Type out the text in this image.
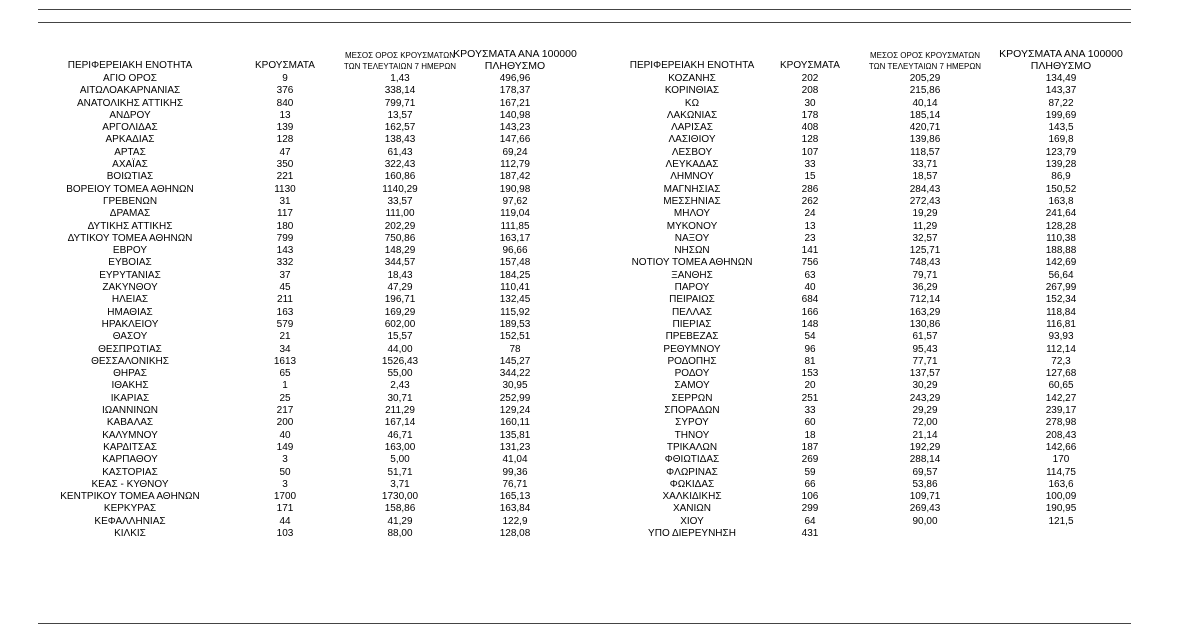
ΠΕΡΙΦΕΡΕΙΑΚΗ ΕΝΟΤΗΤΑ	ΚΡΟΥΣΜΑΤΑ
ΜΕΣΟΣ ΟΡΟΣ ΚΡΟΥΣΜΑΤΩΝ
ΤΩΝ ΤΕΛΕΥΤΑΙΩΝ 7 ΗΜΕΡΩΝ
ΚΡΟΥΣΜΑΤΑ ΑΝΑ 100000
ΠΛΗΘΥΣΜΟ
ΑΓΙΟ ΟΡΟΣ	9	1,43	496,96
ΑΙΤΩΛΟΑΚΑΡΝΑΝΙΑΣ	376	338,14	178,37
ΑΝΑΤΟΛΙΚΗΣ ΑΤΤΙΚΗΣ	840	799,71	167,21
ΑΝΔΡΟΥ	13	13,57	140,98
ΑΡΓΟΛΙΔΑΣ	139	162,57	143,23
ΑΡΚΑΔΙΑΣ	128	138,43	147,66
ΑΡΤΑΣ	47	61,43	69,24
ΑΧΑΪΑΣ	350	322,43	112,79
ΒΟΙΩΤΙΑΣ	221	160,86	187,42
ΒΟΡΕΙΟΥ ΤΟΜΕΑ ΑΘΗΝΩΝ	1130	1140,29	190,98
ΓΡΕΒΕΝΩΝ	31	33,57	97,62
ΔΡΑΜΑΣ	117	111,00	119,04
ΔΥΤΙΚΗΣ ΑΤΤΙΚΗΣ	180	202,29	111,85
ΔΥΤΙΚΟΥ ΤΟΜΕΑ ΑΘΗΝΩΝ	799	750,86	163,17
ΕΒΡΟΥ	143	148,29	96,66
ΕΥΒΟΙΑΣ	332	344,57	157,48
ΕΥΡΥΤΑΝΙΑΣ	37	18,43	184,25
ΖΑΚΥΝΘΟΥ	45	47,29	110,41
ΗΛΕΙΑΣ	211	196,71	132,45
ΗΜΑΘΙΑΣ	163	169,29	115,92
ΗΡΑΚΛΕΙΟΥ	579	602,00	189,53
ΘΑΣΟΥ	21	15,57	152,51
ΘΕΣΠΡΩΤΙΑΣ	34	44,00	78
ΘΕΣΣΑΛΟΝΙΚΗΣ	1613	1526,43	145,27
ΘΗΡΑΣ	65	55,00	344,22
ΙΘΑΚΗΣ	1	2,43	30,95
ΙΚΑΡΙΑΣ	25	30,71	252,99
ΙΩΑΝΝΙΝΩΝ	217	211,29	129,24
ΚΑΒΑΛΑΣ	200	167,14	160,11
ΚΑΛΥΜΝΟΥ	40	46,71	135,81
ΚΑΡΔΙΤΣΑΣ	149	163,00	131,23
ΚΑΡΠΑΘΟΥ	3	5,00	41,04
ΚΑΣΤΟΡΙΑΣ	50	51,71	99,36
ΚΕΑΣ - ΚΥΘΝΟΥ	3	3,71	76,71
ΚΕΝΤΡΙΚΟΥ ΤΟΜΕΑ ΑΘΗΝΩΝ	1700	1730,00	165,13
ΚΕΡΚΥΡΑΣ	171	158,86	163,84
ΚΕΦΑΛΛΗΝΙΑΣ	44	41,29	122,9
ΚΙΛΚΙΣ	103	88,00	128,08
ΠΕΡΙΦΕΡΕΙΑΚΗ ΕΝΟΤΗΤΑ	ΚΡΟΥΣΜΑΤΑ
ΜΕΣΟΣ ΟΡΟΣ ΚΡΟΥΣΜΑΤΩΝ
ΤΩΝ ΤΕΛΕΥΤΑΙΩΝ 7 ΗΜΕΡΩΝ
ΚΡΟΥΣΜΑΤΑ ΑΝΑ 100000
ΠΛΗΘΥΣΜΟ
ΚΟΖΑΝΗΣ	202	205,29	134,49
ΚΟΡΙΝΘΙΑΣ	208	215,86	143,37
ΚΩ	30	40,14	87,22
ΛΑΚΩΝΙΑΣ	178	185,14	199,69
ΛΑΡΙΣΑΣ	408	420,71	143,5
ΛΑΣΙΘΙΟΥ	128	139,86	169,8
ΛΕΣΒΟΥ	107	118,57	123,79
ΛΕΥΚΑΔΑΣ	33	33,71	139,28
ΛΗΜΝΟΥ	15	18,57	86,9
ΜΑΓΝΗΣΙΑΣ	286	284,43	150,52
ΜΕΣΣΗΝΙΑΣ	262	272,43	163,8
ΜΗΛΟΥ	24	19,29	241,64
ΜΥΚΟΝΟΥ	13	11,29	128,28
ΝΑΞΟΥ	23	32,57	110,38
ΝΗΣΩΝ	141	125,71	188,88
ΝΟΤΙΟΥ ΤΟΜΕΑ ΑΘΗΝΩΝ	756	748,43	142,69
ΞΑΝΘΗΣ	63	79,71	56,64
ΠΑΡΟΥ	40	36,29	267,99
ΠΕΙΡΑΙΩΣ	684	712,14	152,34
ΠΕΛΛΑΣ	166	163,29	118,84
ΠΙΕΡΙΑΣ	148	130,86	116,81
ΠΡΕΒΕΖΑΣ	54	61,57	93,93
ΡΕΘΥΜΝΟΥ	96	95,43	112,14
ΡΟΔΟΠΗΣ	81	77,71	72,3
ΡΟΔΟΥ	153	137,57	127,68
ΣΑΜΟΥ	20	30,29	60,65
ΣΕΡΡΩΝ	251	243,29	142,27
ΣΠΟΡΑΔΩΝ	33	29,29	239,17
ΣΥΡΟΥ	60	72,00	278,98
ΤΗΝΟΥ	18	21,14	208,43
ΤΡΙΚΑΛΩΝ	187	192,29	142,66
ΦΘΙΩΤΙΔΑΣ	269	288,14	170
ΦΛΩΡΙΝΑΣ	59	69,57	114,75
ΦΩΚΙΔΑΣ	66	53,86	163,6
ΧΑΛΚΙΔΙΚΗΣ	106	109,71	100,09
ΧΑΝΙΩΝ	299	269,43	190,95
ΧΙΟΥ	64	90,00	121,5
ΥΠΟ ΔΙΕΡΕΥΝΗΣΗ	431
